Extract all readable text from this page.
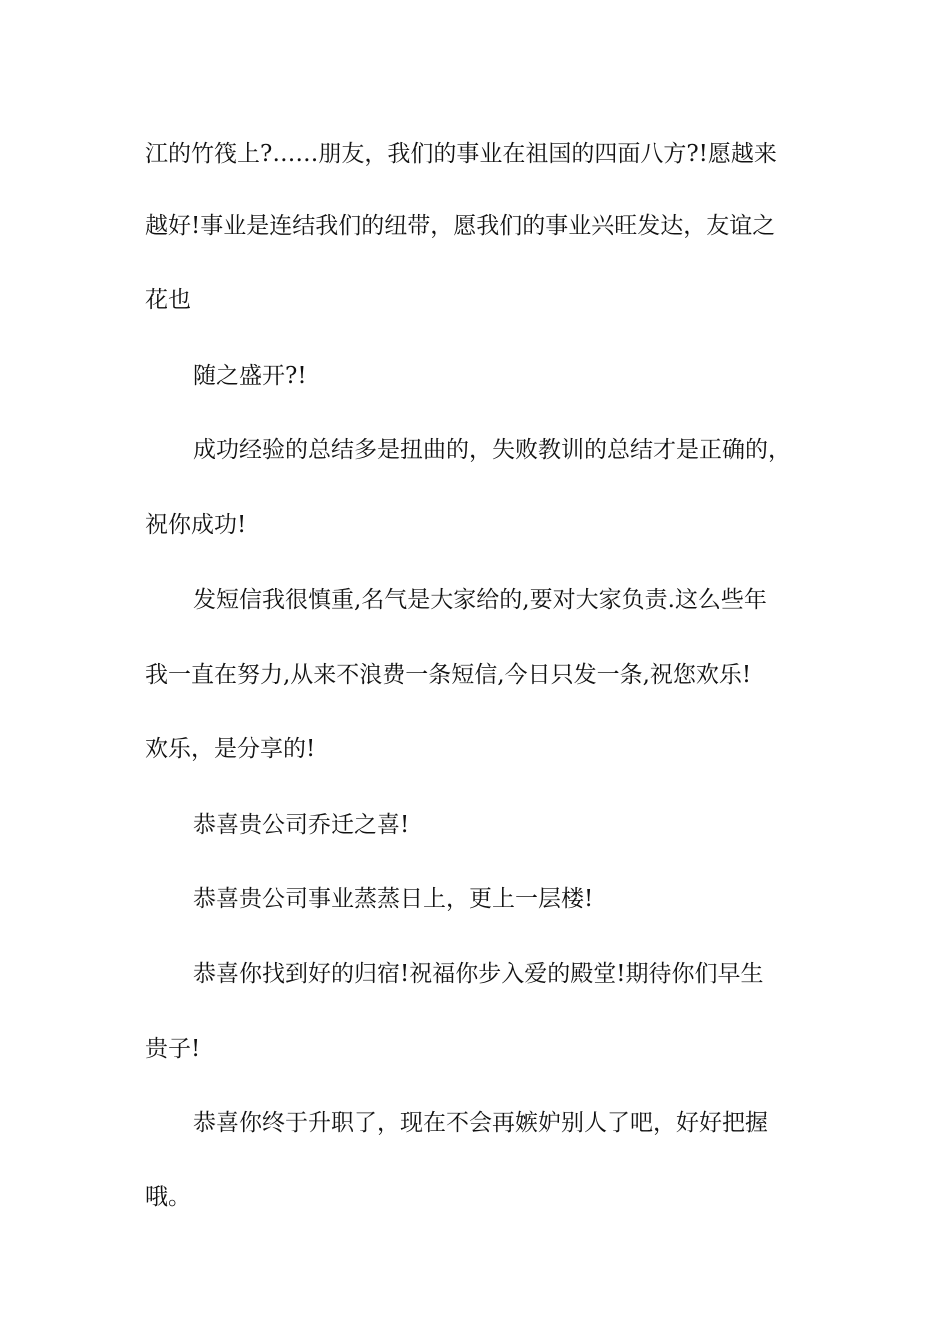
江的竹筏上?……朋友，我们的事业在祖国的四面八方?!愿越来
越好!事业是连结我们的纽带，愿我们的事业兴旺发达，友谊之
花也
随之盛开?!
成功经验的总结多是扭曲的，失败教训的总结才是正确的，
祝你成功!
发短信我很慎重,名气是大家给的,要对大家负责.这么些年
我一直在努力,从来不浪费一条短信,今日只发一条,祝您欢乐!
欢乐，是分享的!
恭喜贵公司乔迁之喜!
恭喜贵公司事业蒸蒸日上，更上一层楼!
恭喜你找到好的归宿!祝福你步入爱的殿堂!期待你们早生
贵子!
恭喜你终于升职了，现在不会再嫉妒别人了吧，好好把握
哦。
